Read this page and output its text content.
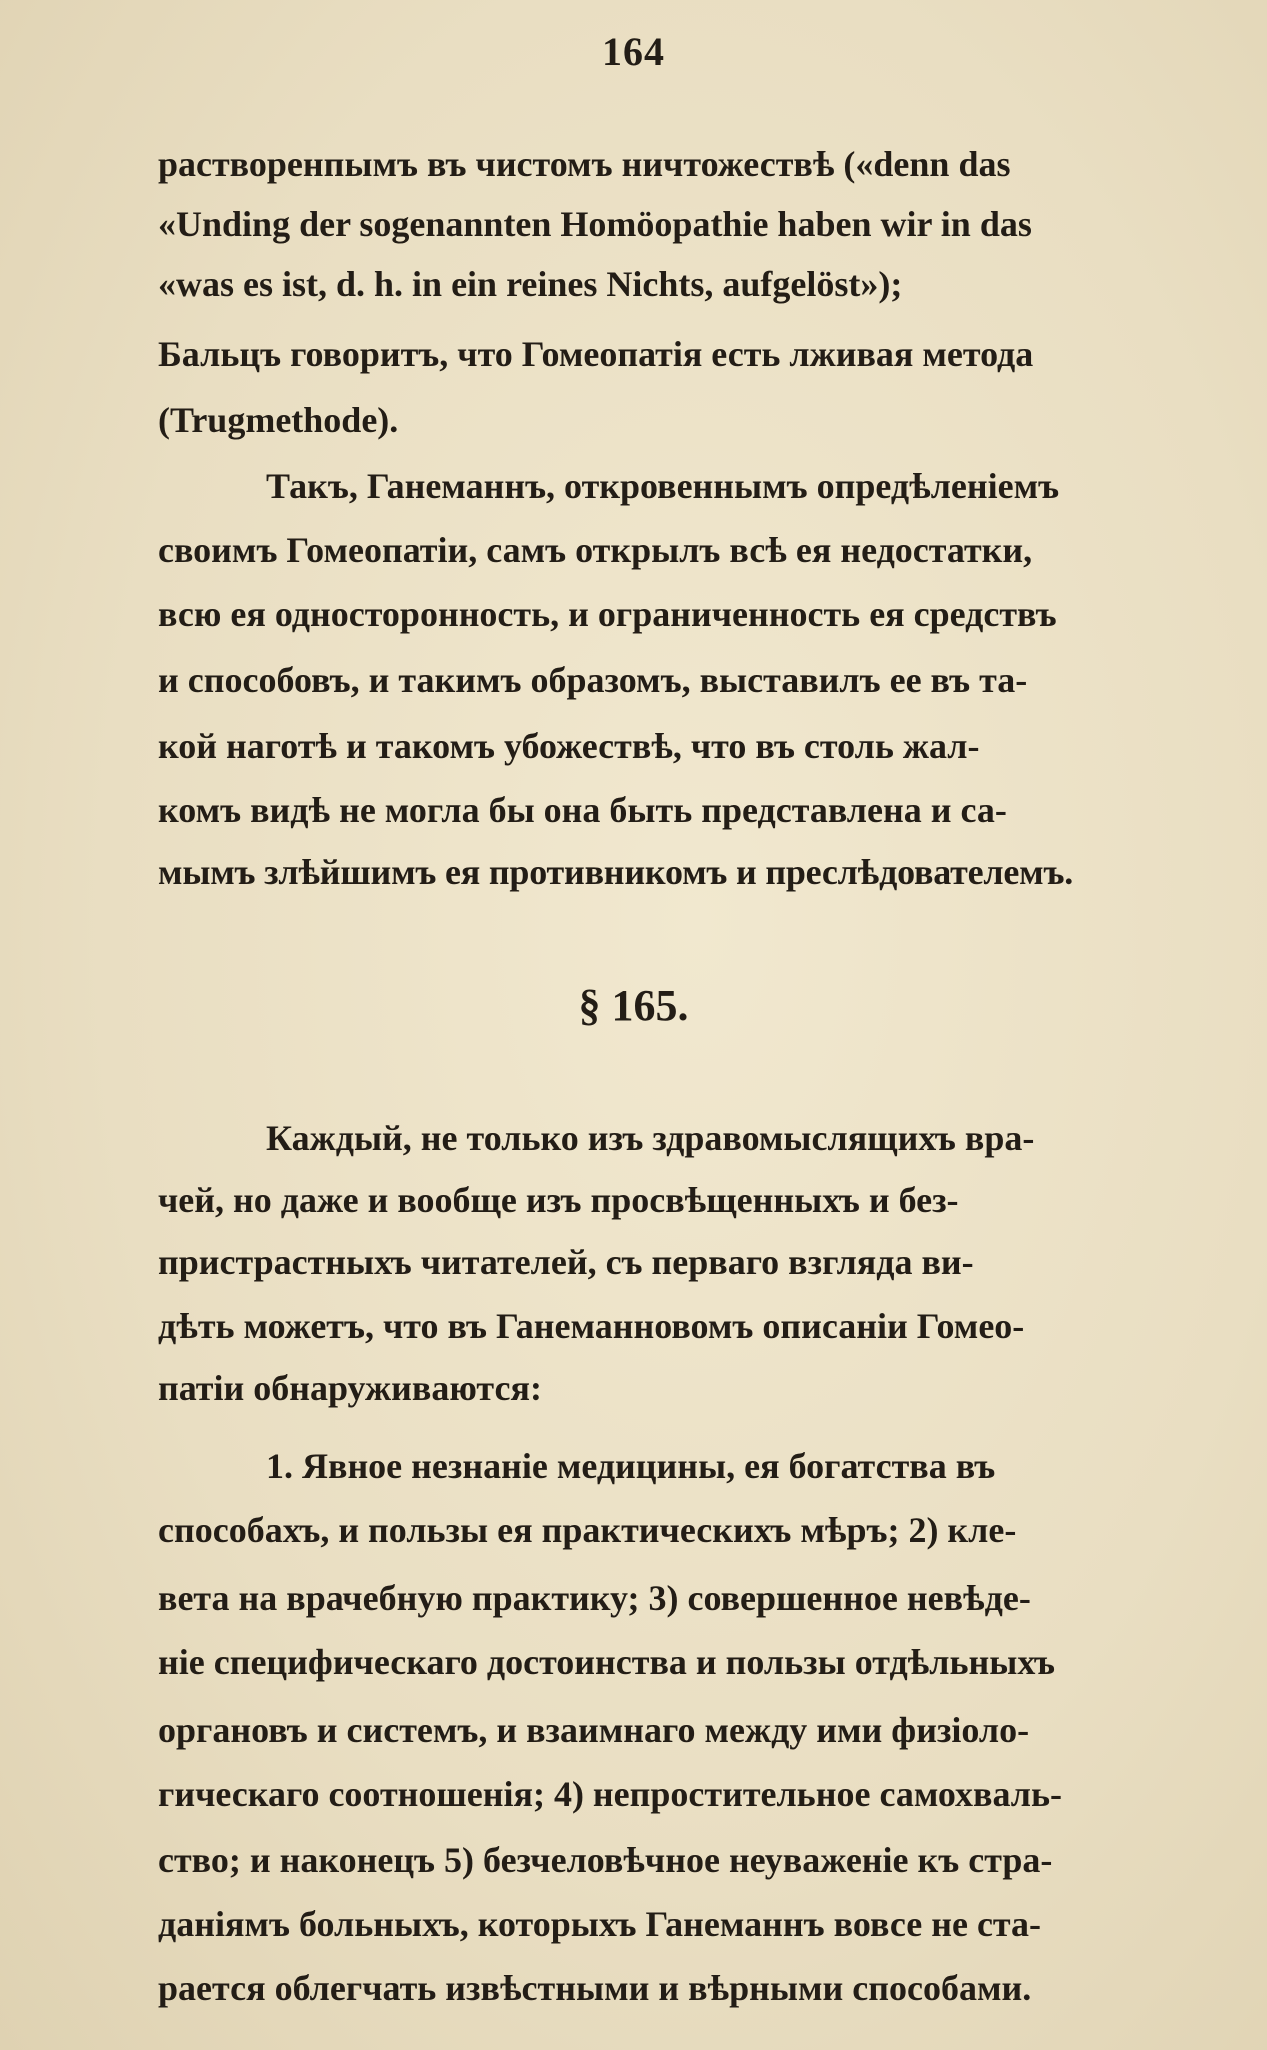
164
растворенпымъ въ чистомъ ничтожествѣ («denn das
«Unding der sogenannten Homöopathie haben wir in das
«was es ist, d. h. in ein reines Nichts, aufgelöst»);
Бальцъ говоритъ, что Гомеопатія есть лживая метода
(Trugmethode).
Такъ, Ганеманнъ, откровеннымъ опредѣленіемъ
своимъ Гомеопатіи, самъ открылъ всѣ ея недостатки,
всю ея односторонность, и ограниченность ея средствъ
и способовъ, и такимъ образомъ, выставилъ ее въ та-
кой наготѣ и такомъ убожествѣ, что въ столь жал-
комъ видѣ не могла бы она быть представлена и са-
мымъ злѣйшимъ ея противникомъ и преслѣдователемъ.
§ 165.
Каждый, не только изъ здравомыслящихъ вра-
чей, но даже и вообще изъ просвѣщенныхъ и без-
пристрастныхъ читателей, съ перваго взгляда ви-
дѣть можетъ, что въ Ганеманновомъ описаніи Гомео-
патіи обнаруживаются:
1. Явное незнаніе медицины, ея богатства въ
способахъ, и пользы ея практическихъ мѣръ; 2) кле-
вета на врачебную практику; 3) совершенное невѣде-
ніе специфическаго достоинства и пользы отдѣльныхъ
органовъ и системъ, и взаимнаго между ими физіоло-
гическаго соотношенія; 4) непростительное самохваль-
ство; и наконецъ 5) безчеловѣчное неуваженіе къ стра-
даніямъ больныхъ, которыхъ Ганеманнъ вовсе не ста-
рается облегчать извѣстными и вѣрными способами.
